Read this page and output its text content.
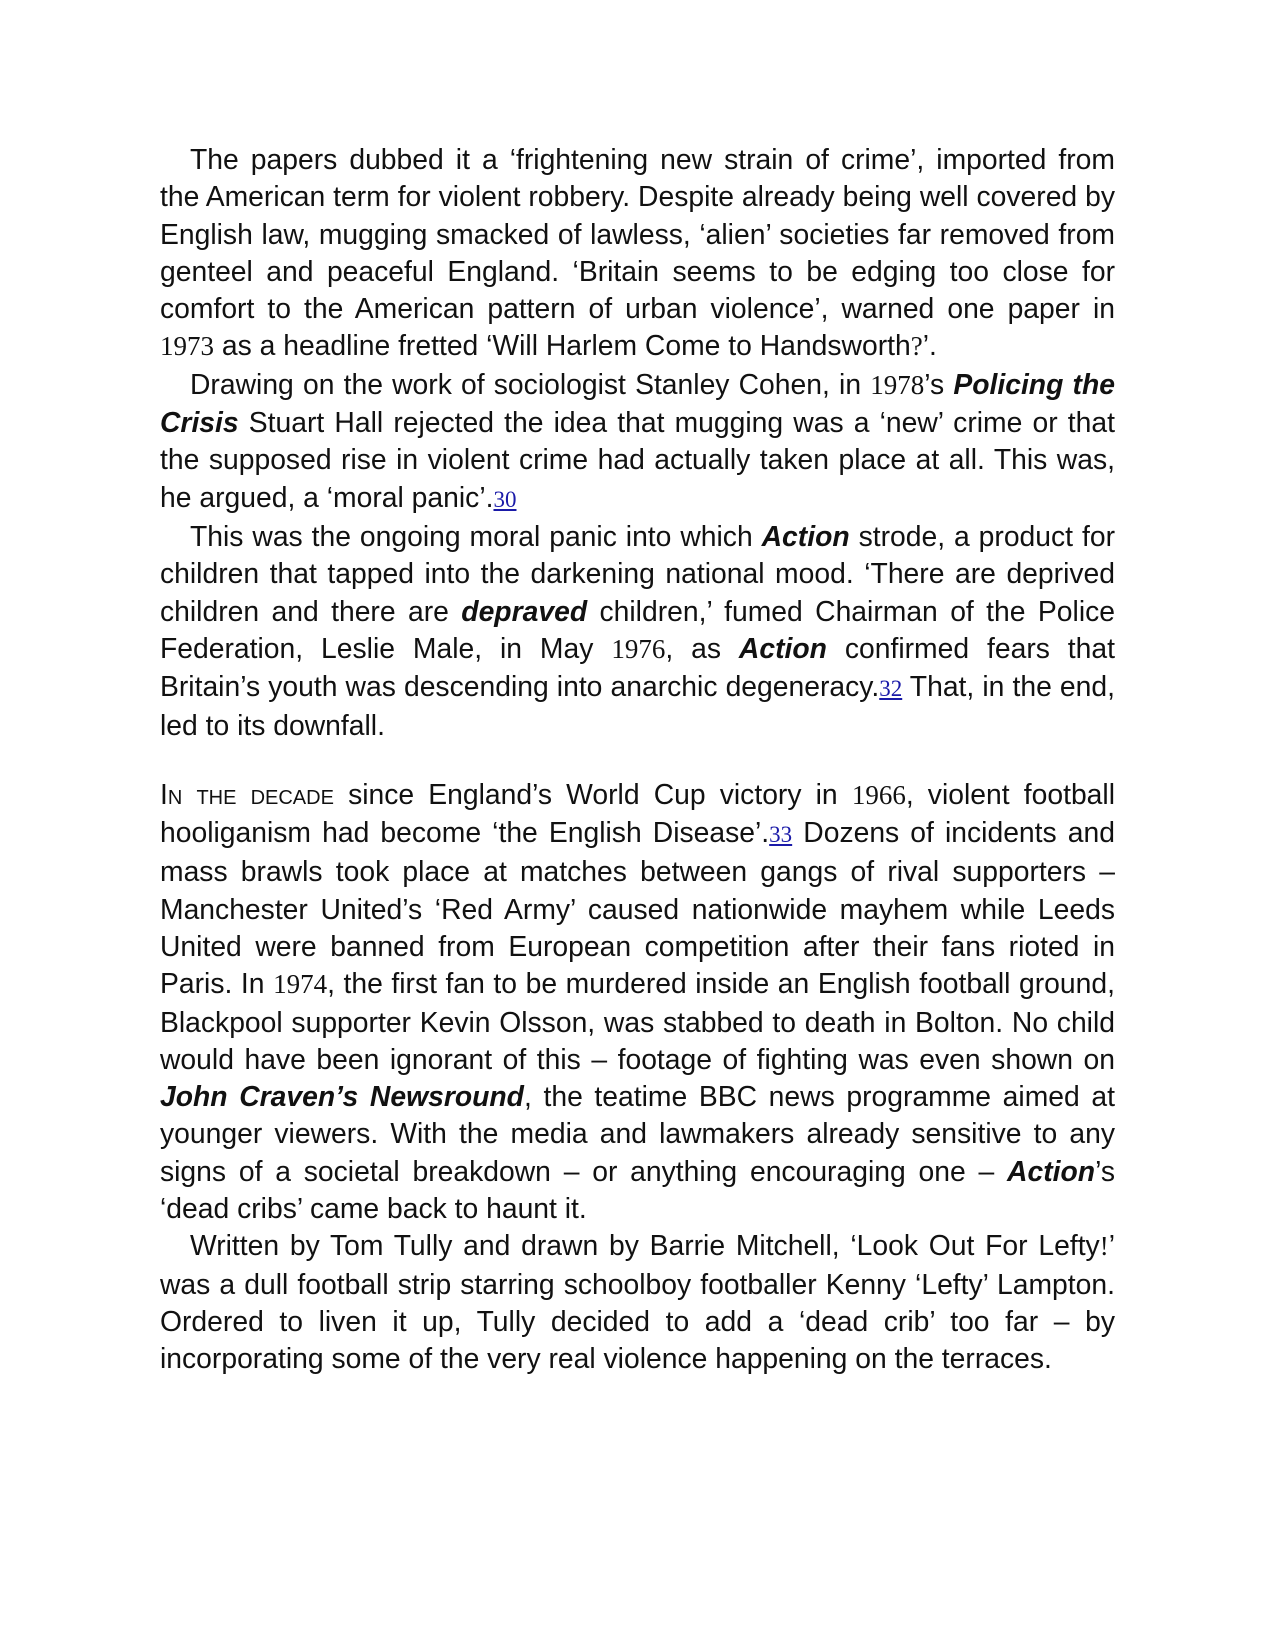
The papers dubbed it a ‘frightening new strain of crime’, imported from the American term for violent robbery. Despite already being well covered by English law, mugging smacked of lawless, ‘alien’ societies far removed from genteel and peaceful England. ‘Britain seems to be edging too close for comfort to the American pattern of urban violence’, warned one paper in 1973 as a headline fretted ‘Will Harlem Come to Handsworth?’.

Drawing on the work of sociologist Stanley Cohen, in 1978’s Policing the Crisis Stuart Hall rejected the idea that mugging was a ‘new’ crime or that the supposed rise in violent crime had actually taken place at all. This was, he argued, a ‘moral panic’.30

This was the ongoing moral panic into which Action strode, a product for children that tapped into the darkening national mood. ‘There are deprived children and there are depraved children,’ fumed Chairman of the Police Federation, Leslie Male, in May 1976, as Action confirmed fears that Britain’s youth was descending into anarchic degeneracy.32 That, in the end, led to its downfall.

In the decade since England’s World Cup victory in 1966, violent football hooliganism had become ‘the English Disease’.33 Dozens of incidents and mass brawls took place at matches between gangs of rival supporters – Manchester United’s ‘Red Army’ caused nationwide mayhem while Leeds United were banned from European competition after their fans rioted in Paris. In 1974, the first fan to be murdered inside an English football ground, Blackpool supporter Kevin Olsson, was stabbed to death in Bolton. No child would have been ignorant of this – footage of fighting was even shown on John Craven’s Newsround, the teatime BBC news programme aimed at younger viewers. With the media and lawmakers already sensitive to any signs of a societal breakdown – or anything encouraging one – Action’s ‘dead cribs’ came back to haunt it.

Written by Tom Tully and drawn by Barrie Mitchell, ‘Look Out For Lefty!’ was a dull football strip starring schoolboy footballer Kenny ‘Lefty’ Lampton. Ordered to liven it up, Tully decided to add a ‘dead crib’ too far – by incorporating some of the very real violence happening on the terraces.
